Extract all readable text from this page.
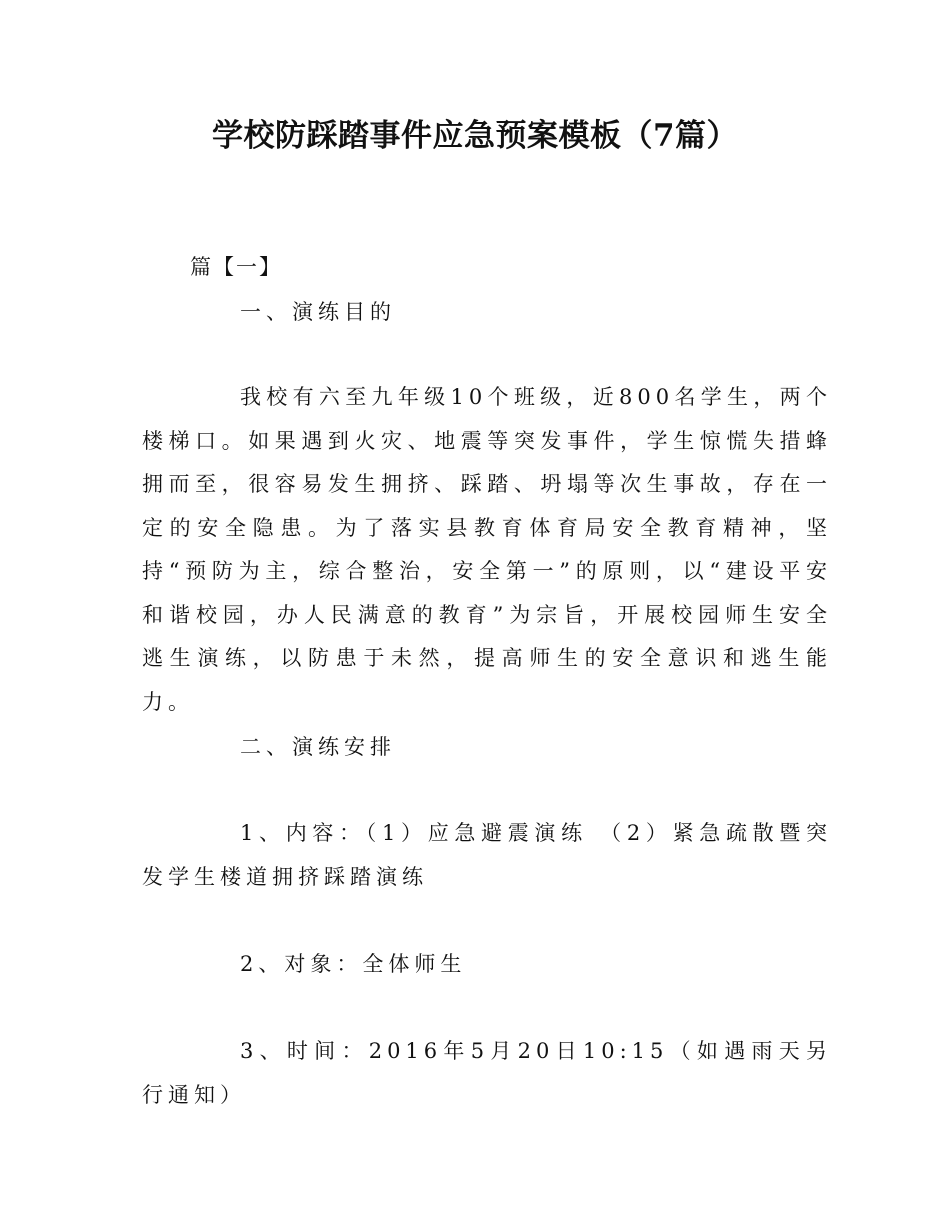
学校防踩踏事件应急预案模板（7篇）

篇【一】

一、演练目的

我校有六至九年级10个班级，近800名学生，两个楼梯口。如果遇到火灾、地震等突发事件，学生惊慌失措蜂拥而至，很容易发生拥挤、踩踏、坍塌等次生事故，存在一定的安全隐患。为了落实县教育体育局安全教育精神，坚持“预防为主，综合整治，安全第一”的原则，以“建设平安和谐校园，办人民满意的教育”为宗旨，开展校园师生安全逃生演练，以防患于未然，提高师生的安全意识和逃生能力。

二、演练安排

1、内容：（1）应急避震演练 （2）紧急疏散暨突发学生楼道拥挤踩踏演练

2、对象：全体师生

3、时间：2016年5月20日10:15（如遇雨天另行通知）
